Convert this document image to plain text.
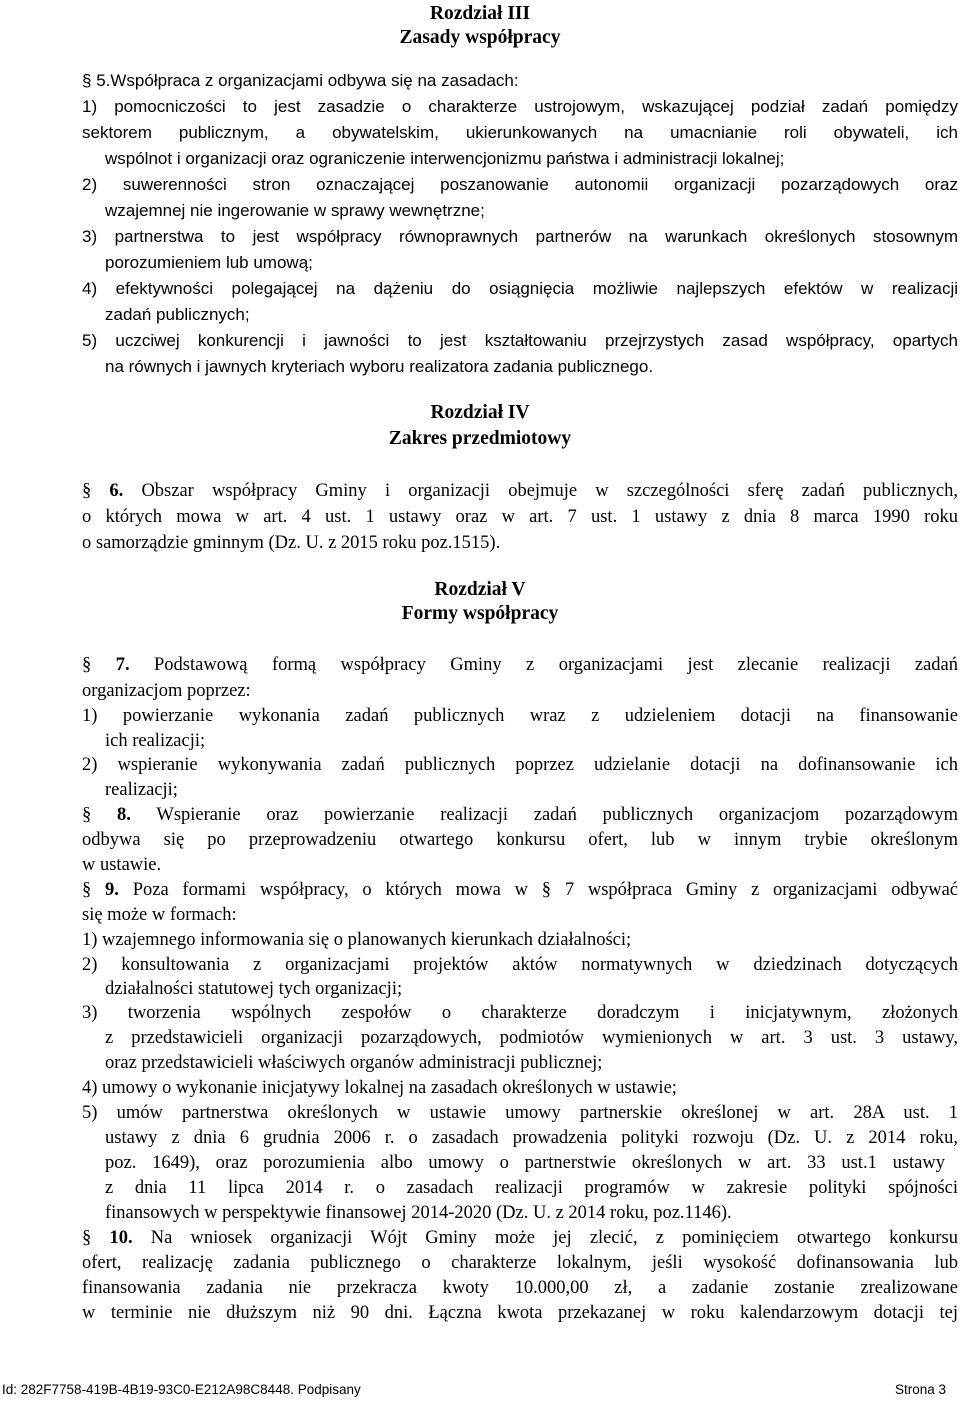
Rozdział III
Zasady współpracy
§ 5.Współpraca z organizacjami odbywa się na zasadach:
1) pomocniczości to jest zasadzie o charakterze ustrojowym, wskazującej podział zadań pomiędzy
sektorem publicznym, a obywatelskim, ukierunkowanych na umacnianie roli obywateli, ich
wspólnot i organizacji oraz ograniczenie interwencjonizmu państwa i administracji lokalnej;
2) suwerenności stron oznaczającej poszanowanie autonomii organizacji pozarządowych oraz
wzajemnej nie ingerowanie w sprawy wewnętrzne;
3) partnerstwa to jest współpracy równoprawnych partnerów na warunkach określonych stosownym
porozumieniem lub umową;
4) efektywności polegającej na dążeniu do osiągnięcia możliwie najlepszych efektów w realizacji
zadań publicznych;
5) uczciwej konkurencji i jawności to jest kształtowaniu przejrzystych zasad współpracy, opartych
na równych i jawnych kryteriach wyboru realizatora zadania publicznego.
Rozdział IV
Zakres przedmiotowy
§ 6. Obszar współpracy Gminy i organizacji obejmuje w szczególności sferę zadań publicznych,
o których mowa w art. 4 ust. 1 ustawy oraz w art. 7 ust. 1 ustawy z dnia 8 marca 1990 roku
o samorządzie gminnym (Dz. U. z 2015 roku poz.1515).
Rozdział V
Formy współpracy
§ 7. Podstawową formą współpracy Gminy z organizacjami jest zlecanie realizacji zadań
organizacjom poprzez:
1) powierzanie wykonania zadań publicznych wraz z udzieleniem dotacji na finansowanie
ich realizacji;
2) wspieranie wykonywania zadań publicznych poprzez udzielanie dotacji na dofinansowanie ich
realizacji;
§ 8. Wspieranie oraz powierzanie realizacji zadań publicznych organizacjom pozarządowym
odbywa się po przeprowadzeniu otwartego konkursu ofert, lub w innym trybie określonym
w ustawie.
§ 9. Poza formami współpracy, o których mowa w § 7 współpraca Gminy z organizacjami odbywać
się może w formach:
1) wzajemnego informowania się o planowanych kierunkach działalności;
2) konsultowania z organizacjami projektów aktów normatywnych w dziedzinach dotyczących
działalności statutowej tych organizacji;
3) tworzenia wspólnych zespołów o charakterze doradczym i inicjatywnym, złożonych
z przedstawicieli organizacji pozarządowych, podmiotów wymienionych w art. 3 ust. 3 ustawy,
oraz przedstawicieli właściwych organów administracji publicznej;
4) umowy o wykonanie inicjatywy lokalnej na zasadach określonych w ustawie;
5) umów partnerstwa określonych w ustawie umowy partnerskie określonej w art. 28A ust. 1
ustawy z dnia 6 grudnia 2006 r. o zasadach prowadzenia polityki rozwoju (Dz. U. z 2014 roku,
poz. 1649), oraz porozumienia albo umowy o partnerstwie określonych w art. 33 ust.1 ustawy
z dnia 11 lipca 2014 r. o zasadach realizacji programów w zakresie polityki spójności
finansowych w perspektywie finansowej 2014-2020 (Dz. U. z 2014 roku, poz.1146).
§ 10. Na wniosek organizacji Wójt Gminy może jej zlecić, z pominięciem otwartego konkursu
ofert, realizację zadania publicznego o charakterze lokalnym, jeśli wysokość dofinansowania lub
finansowania zadania nie przekracza kwoty 10.000,00 zł, a zadanie zostanie zrealizowane
w terminie nie dłuższym niż 90 dni. Łączna kwota przekazanej w roku kalendarzowym dotacji tej
Id: 282F7758-419B-4B19-93C0-E212A98C8448. Podpisany	Strona 3
